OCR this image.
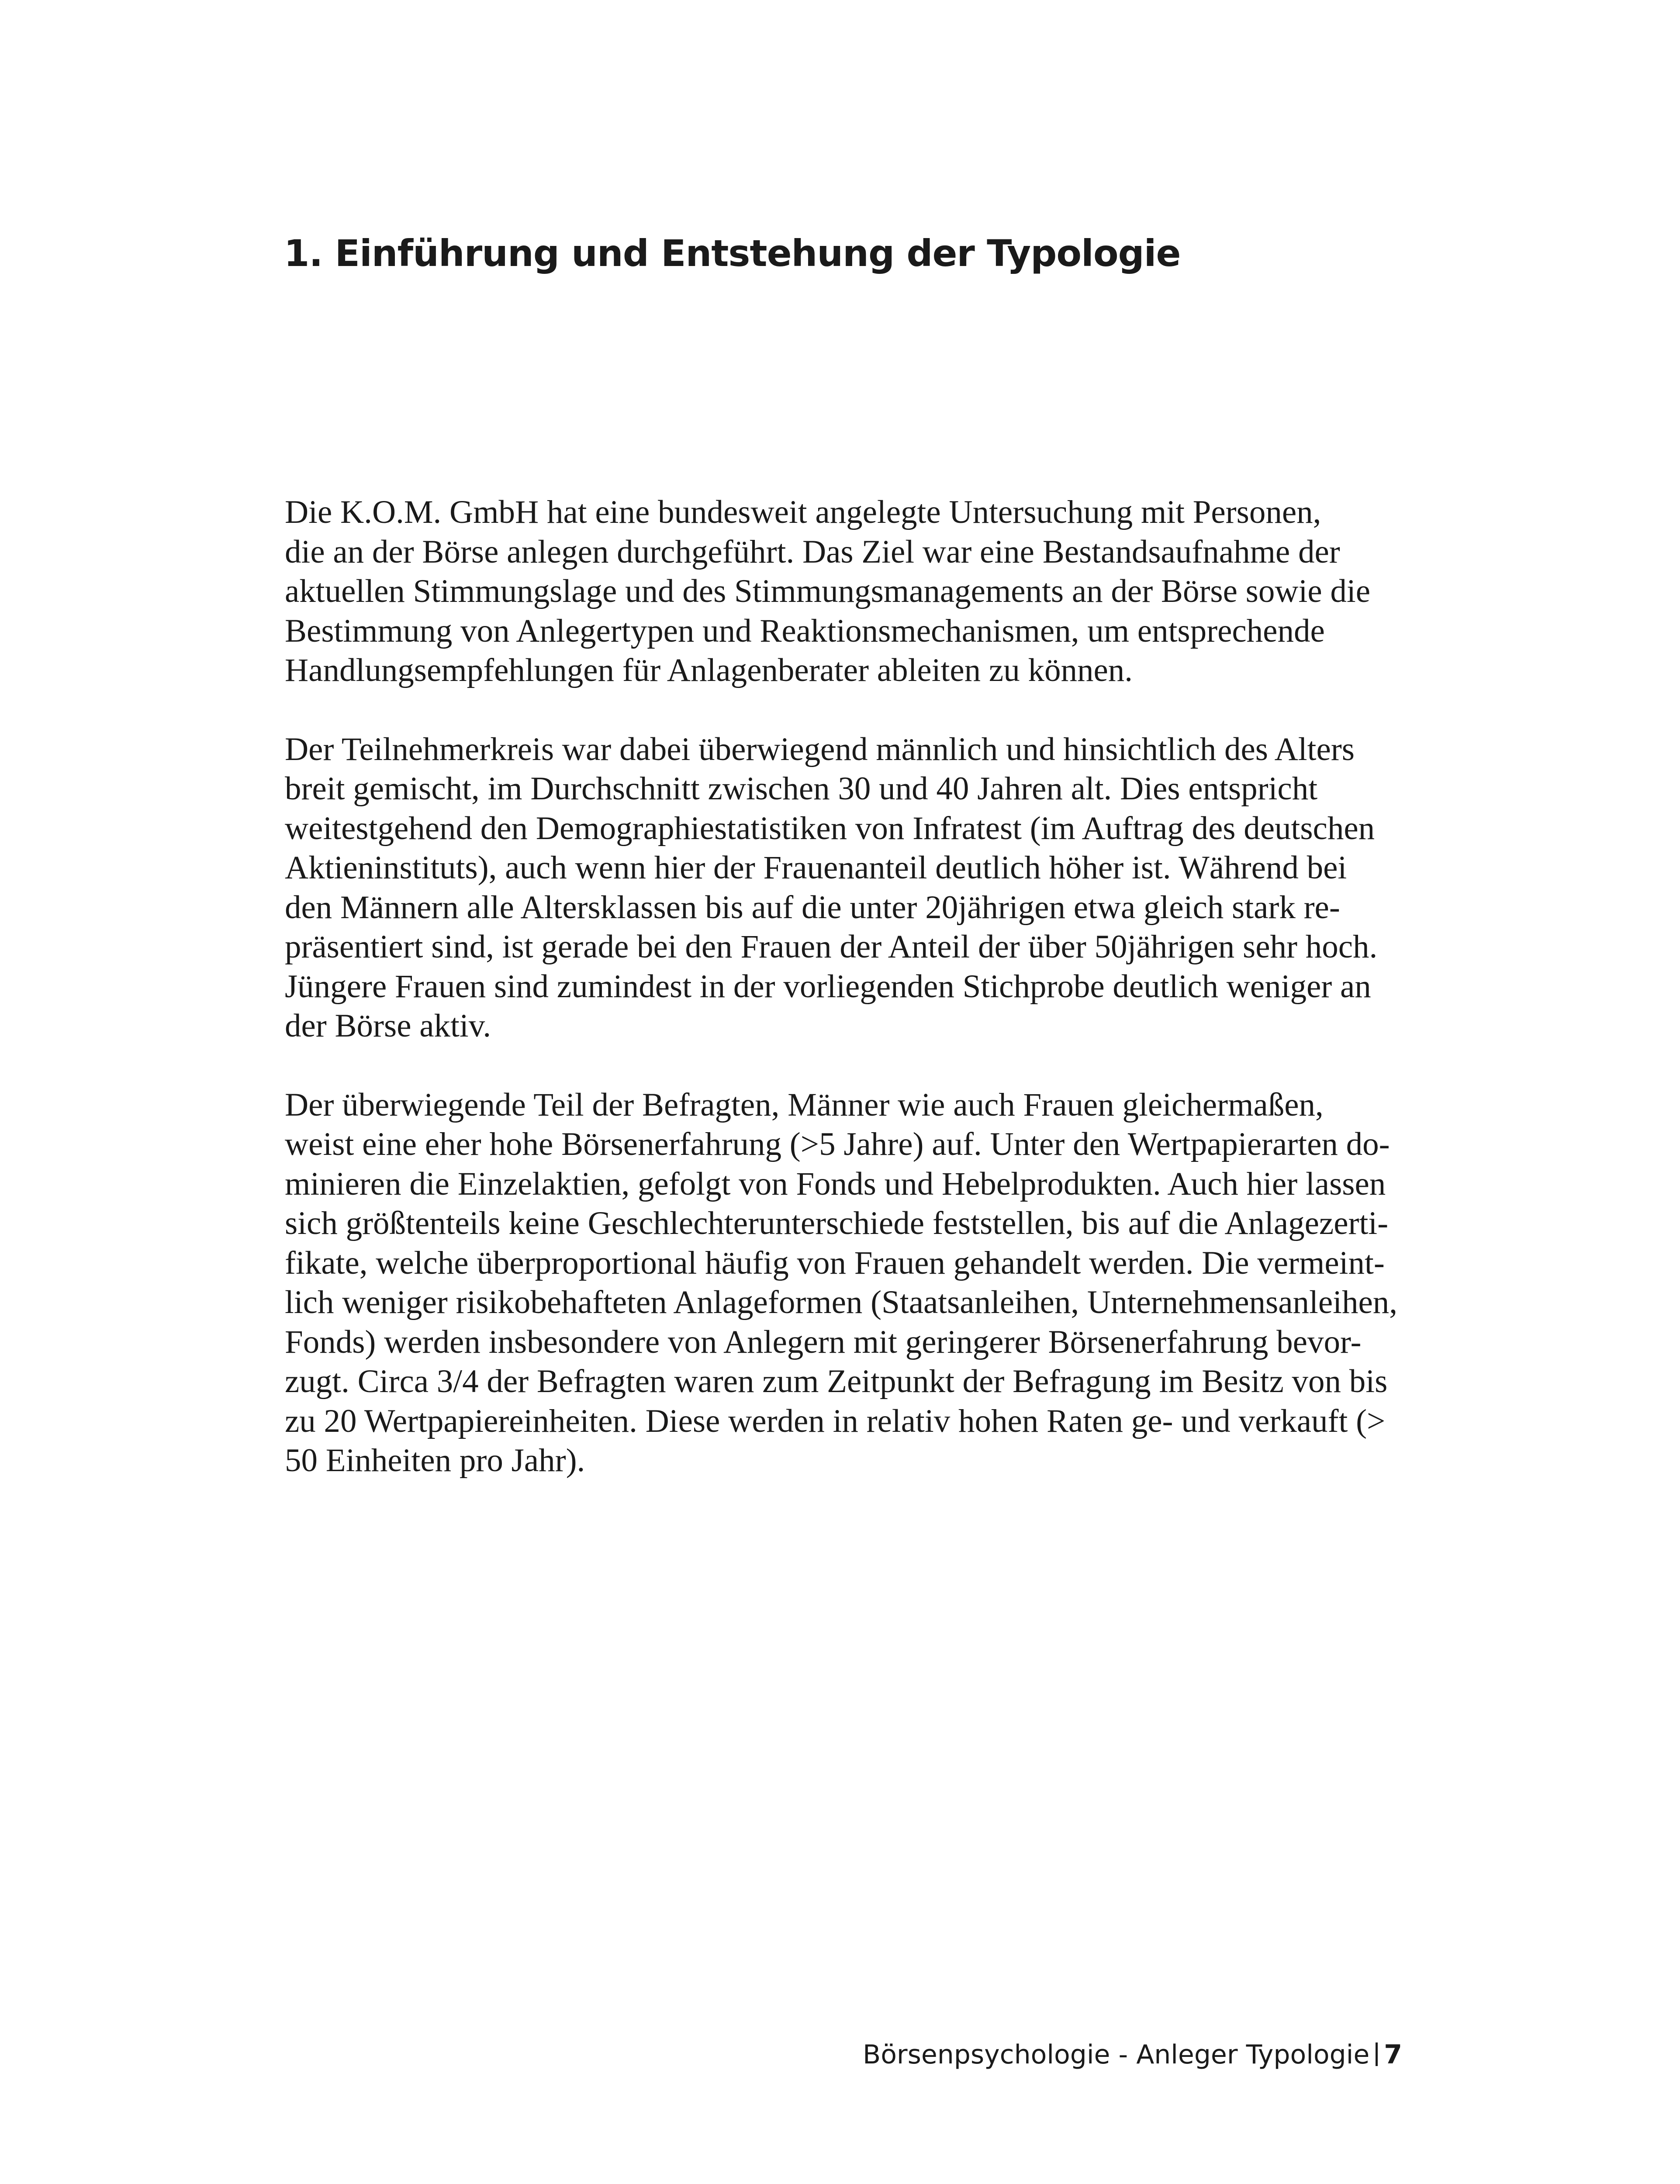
1. Einführung und Entstehung der Typologie

Die K.O.M. GmbH hat eine bundesweit angelegte Untersuchung mit Personen,
die an der Börse anlegen durchgeführt. Das Ziel war eine Bestandsaufnahme der
aktuellen Stimmungslage und des Stimmungsmanagements an der Börse sowie die
Bestimmung von Anlegertypen und Reaktionsmechanismen, um entsprechende
Handlungsempfehlungen für Anlagenberater ableiten zu können.

Der Teilnehmerkreis war dabei überwiegend männlich und hinsichtlich des Alters
breit gemischt, im Durchschnitt zwischen 30 und 40 Jahren alt. Dies entspricht
weitestgehend den Demographiestatistiken von Infratest (im Auftrag des deutschen
Aktieninstituts), auch wenn hier der Frauenanteil deutlich höher ist. Während bei
den Männern alle Altersklassen bis auf die unter 20jährigen etwa gleich stark re-
präsentiert sind, ist gerade bei den Frauen der Anteil der über 50jährigen sehr hoch.
Jüngere Frauen sind zumindest in der vorliegenden Stichprobe deutlich weniger an
der Börse aktiv.

Der überwiegende Teil der Befragten, Männer wie auch Frauen gleichermaßen,
weist eine eher hohe Börsenerfahrung (>5 Jahre) auf. Unter den Wertpapierarten do-
minieren die Einzelaktien, gefolgt von Fonds und Hebelprodukten. Auch hier lassen
sich größtenteils keine Geschlechterunterschiede feststellen, bis auf die Anlagezerti-
fikate, welche überproportional häufig von Frauen gehandelt werden. Die vermeint-
lich weniger risikobehafteten Anlageformen (Staatsanleihen, Unternehmensanleihen,
Fonds) werden insbesondere von Anlegern mit geringerer Börsenerfahrung bevor-
zugt. Circa 3/4 der Befragten waren zum Zeitpunkt der Befragung im Besitz von bis
zu 20 Wertpapiereinheiten. Diese werden in relativ hohen Raten ge- und verkauft (>
50 Einheiten pro Jahr).

Börsenpsychologie - Anleger Typologie 7
